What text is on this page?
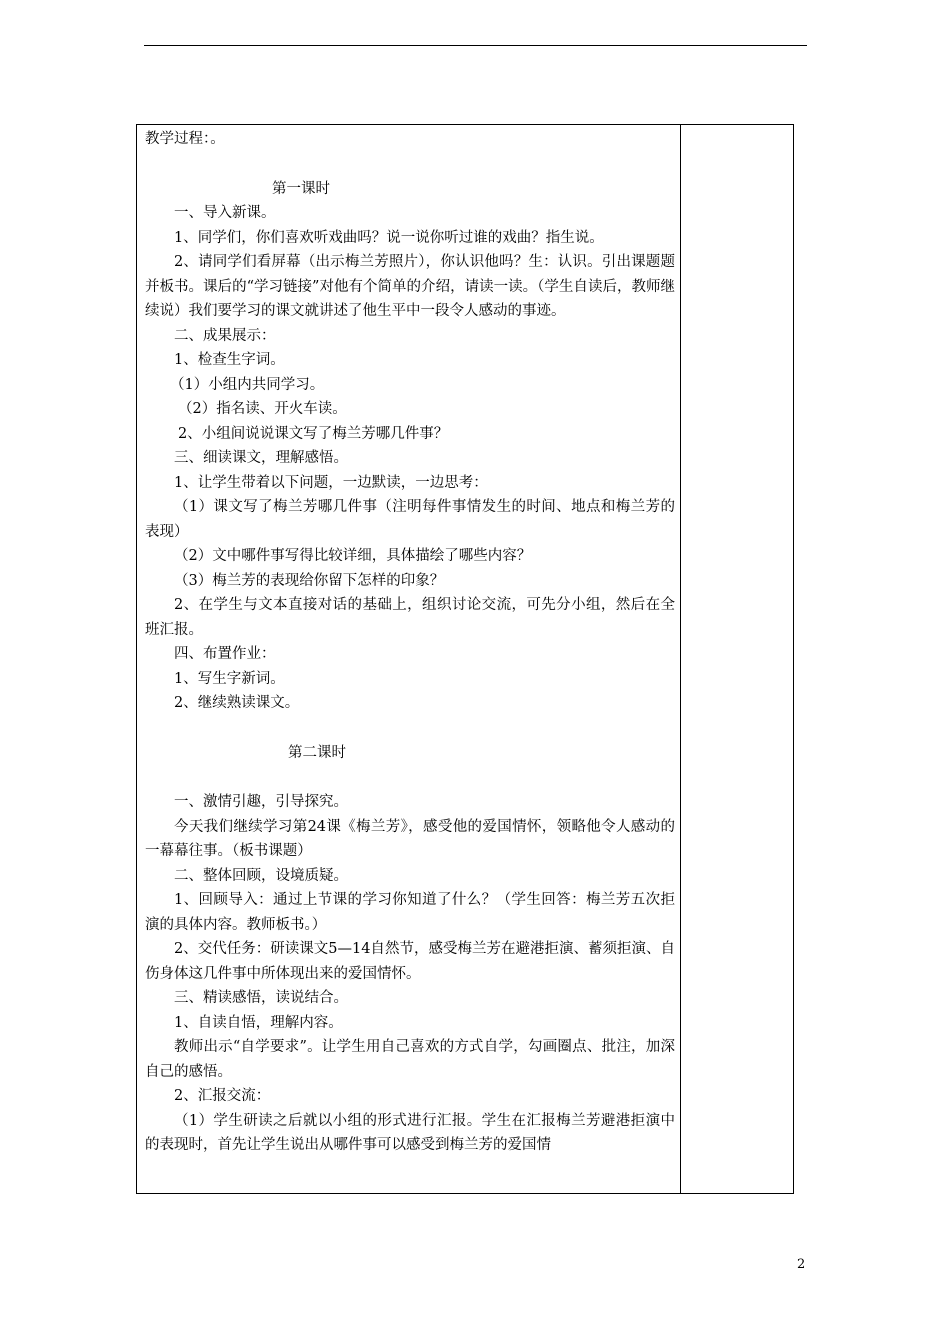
教学过程：。

第一课时

一、导入新课。

1、同学们，你们喜欢听戏曲吗？说一说你听过谁的戏曲？指生说。

2、请同学们看屏幕（出示梅兰芳照片），你认识他吗？生：认识。引出课题题并板书。课后的“学习链接”对他有个简单的介绍，请读一读。（学生自读后，教师继续说）我们要学习的课文就讲述了他生平中一段令人感动的事迹。

二、成果展示：

1、检查生字词。

（1）小组内共同学习。

（2）指名读、开火车读。

2、小组间说说课文写了梅兰芳哪几件事？

三、细读课文，理解感悟。

1、让学生带着以下问题，一边默读，一边思考：

（1）课文写了梅兰芳哪几件事（注明每件事情发生的时间、地点和梅兰芳的表现）

（2）文中哪件事写得比较详细，具体描绘了哪些内容？

（3）梅兰芳的表现给你留下怎样的印象？

2、在学生与文本直接对话的基础上，组织讨论交流，可先分小组，然后在全班汇报。

四、布置作业：

1、写生字新词。

2、继续熟读课文。

第二课时

一、激情引趣，引导探究。

今天我们继续学习第24课《梅兰芳》，感受他的爱国情怀，领略他令人感动的一幕幕往事。（板书课题）

二、整体回顾，设境质疑。

1、回顾导入：通过上节课的学习你知道了什么？（学生回答：梅兰芳五次拒演的具体内容。教师板书。）

2、交代任务：研读课文5—14自然节，感受梅兰芳在避港拒演、蓄须拒演、自伤身体这几件事中所体现出来的爱国情怀。

三、精读感悟，读说结合。

1、自读自悟，理解内容。

教师出示“自学要求”。让学生用自己喜欢的方式自学，勾画圈点、批注，加深自己的感悟。

2、汇报交流：

（1）学生研读之后就以小组的形式进行汇报。学生在汇报梅兰芳避港拒演中的表现时，首先让学生说出从哪件事可以感受到梅兰芳的爱国情

2
